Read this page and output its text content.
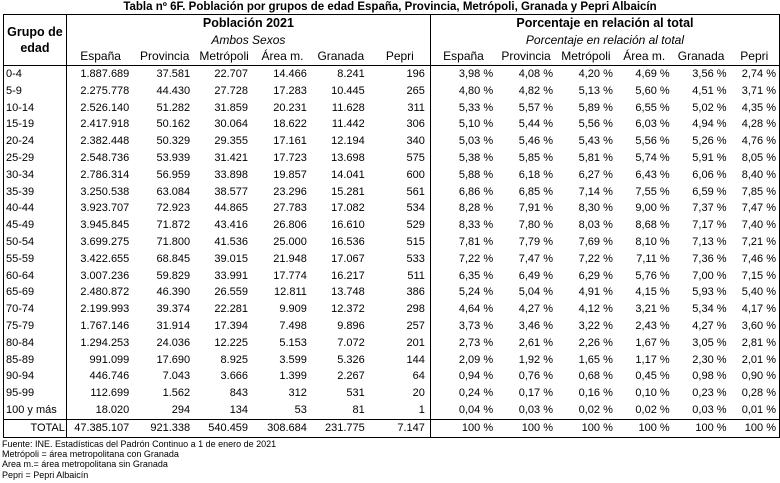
Tabla nº 6F. Población por grupos de edad España, Provincia, Metrópoli, Granada y Pepri Albaicín
Grupo de edad	Población 2021						Porcentaje en relación al total					
	Ambos Sexos						Porcentaje en relación al total					
	España	Provincia	Metrópoli	Área m.	Granada	Pepri	España	Provincia	Metrópoli	Área m.	Granada	Pepri
0-4	1.887.689	37.581	22.707	14.466	8.241	196	3,98 %	4,08 %	4,20 %	4,69 %	3,56 %	2,74 %
5-9	2.275.778	44.430	27.728	17.283	10.445	265	4,80 %	4,82 %	5,13 %	5,60 %	4,51 %	3,71 %
10-14	2.526.140	51.282	31.859	20.231	11.628	311	5,33 %	5,57 %	5,89 %	6,55 %	5,02 %	4,35 %
15-19	2.417.918	50.162	30.064	18.622	11.442	306	5,10 %	5,44 %	5,56 %	6,03 %	4,94 %	4,28 %
20-24	2.382.448	50.329	29.355	17.161	12.194	340	5,03 %	5,46 %	5,43 %	5,56 %	5,26 %	4,76 %
25-29	2.548.736	53.939	31.421	17.723	13.698	575	5,38 %	5,85 %	5,81 %	5,74 %	5,91 %	8,05 %
30-34	2.786.314	56.959	33.898	19.857	14.041	600	5,88 %	6,18 %	6,27 %	6,43 %	6,06 %	8,40 %
35-39	3.250.538	63.084	38.577	23.296	15.281	561	6,86 %	6,85 %	7,14 %	7,55 %	6,59 %	7,85 %
40-44	3.923.707	72.923	44.865	27.783	17.082	534	8,28 %	7,91 %	8,30 %	9,00 %	7,37 %	7,47 %
45-49	3.945.845	71.872	43.416	26.806	16.610	529	8,33 %	7,80 %	8,03 %	8,68 %	7,17 %	7,40 %
50-54	3.699.275	71.800	41.536	25.000	16.536	515	7,81 %	7,79 %	7,69 %	8,10 %	7,13 %	7,21 %
55-59	3.422.655	68.845	39.015	21.948	17.067	533	7,22 %	7,47 %	7,22 %	7,11 %	7,36 %	7,46 %
60-64	3.007.236	59.829	33.991	17.774	16.217	511	6,35 %	6,49 %	6,29 %	5,76 %	7,00 %	7,15 %
65-69	2.480.872	46.390	26.559	12.811	13.748	386	5,24 %	5,04 %	4,91 %	4,15 %	5,93 %	5,40 %
70-74	2.199.993	39.374	22.281	9.909	12.372	298	4,64 %	4,27 %	4,12 %	3,21 %	5,34 %	4,17 %
75-79	1.767.146	31.914	17.394	7.498	9.896	257	3,73 %	3,46 %	3,22 %	2,43 %	4,27 %	3,60 %
80-84	1.294.253	24.036	12.225	5.153	7.072	201	2,73 %	2,61 %	2,26 %	1,67 %	3,05 %	2,81 %
85-89	991.099	17.690	8.925	3.599	5.326	144	2,09 %	1,92 %	1,65 %	1,17 %	2,30 %	2,01 %
90-94	446.746	7.043	3.666	1.399	2.267	64	0,94 %	0,76 %	0,68 %	0,45 %	0,98 %	0,90 %
95-99	112.699	1.562	843	312	531	20	0,24 %	0,17 %	0,16 %	0,10 %	0,23 %	0,28 %
100 y más	18.020	294	134	53	81	1	0,04 %	0,03 %	0,02 %	0,02 %	0,03 %	0,01 %
TOTAL	47.385.107	921.338	540.459	308.684	231.775	7.147	100 %	100 %	100 %	100 %	100 %	100 %
Fuente: INE. Estadísticas del Padrón Continuo a 1 de enero de 2021
Metrópoli = área metropolitana con Granada
Area m.= área metropolitana sin Granada
Pepri = Pepri Albaicín
